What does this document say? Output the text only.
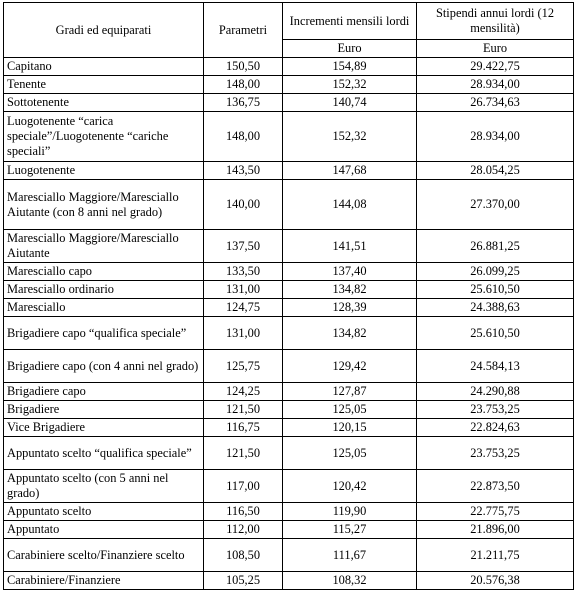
Gradi ed equiparati	Parametri	Incrementi mensili lordi	Stipendi annui lordi (12 mensilità)
		Euro	Euro
Capitano	150,50	154,89	29.422,75
Tenente	148,00	152,32	28.934,00
Sottotenente	136,75	140,74	26.734,63
Luogotenente “carica speciale”/Luogotenente “cariche speciali”	148,00	152,32	28.934,00
Luogotenente	143,50	147,68	28.054,25
Maresciallo Maggiore/Maresciallo Aiutante (con 8 anni nel grado)	140,00	144,08	27.370,00
Maresciallo Maggiore/Maresciallo Aiutante	137,50	141,51	26.881,25
Maresciallo capo	133,50	137,40	26.099,25
Maresciallo ordinario	131,00	134,82	25.610,50
Maresciallo	124,75	128,39	24.388,63
Brigadiere capo “qualifica speciale”	131,00	134,82	25.610,50
Brigadiere capo (con 4 anni nel grado)	125,75	129,42	24.584,13
Brigadiere capo	124,25	127,87	24.290,88
Brigadiere	121,50	125,05	23.753,25
Vice Brigadiere	116,75	120,15	22.824,63
Appuntato scelto “qualifica speciale”	121,50	125,05	23.753,25
Appuntato scelto (con 5 anni nel grado)	117,00	120,42	22.873,50
Appuntato scelto	116,50	119,90	22.775,75
Appuntato	112,00	115,27	21.896,00
Carabiniere scelto/Finanziere scelto	108,50	111,67	21.211,75
Carabiniere/Finanziere	105,25	108,32	20.576,38
